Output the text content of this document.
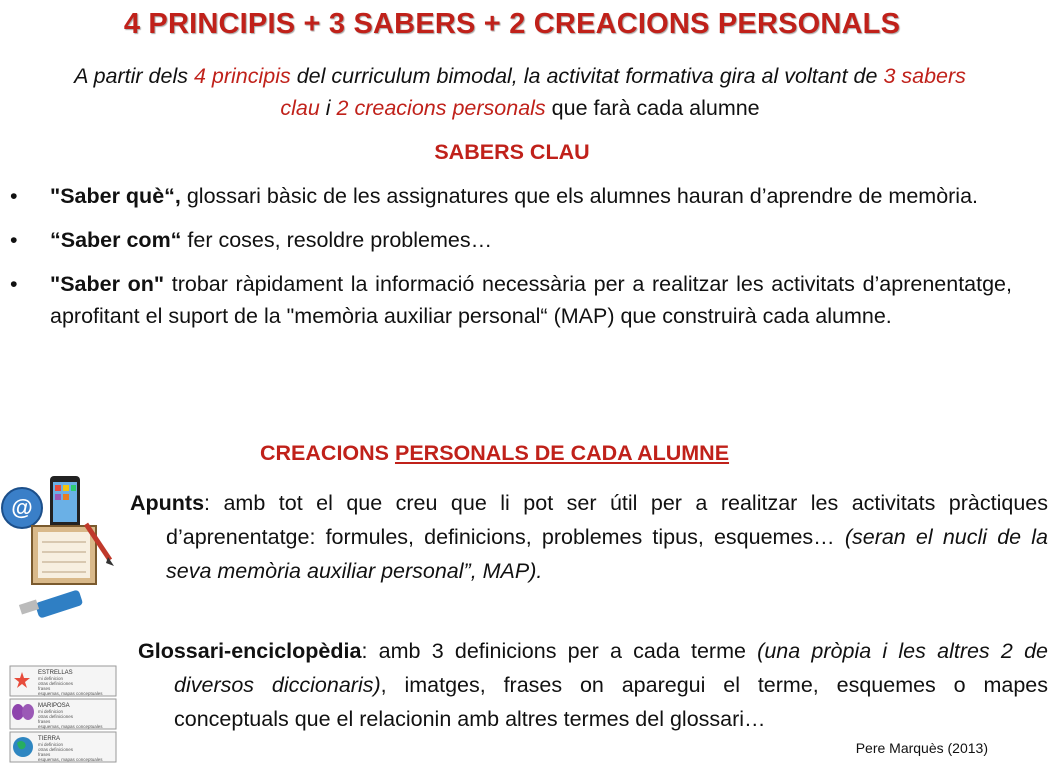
4 PRINCIPIS + 3 SABERS + 2 CREACIONS PERSONALS
A partir dels 4 principis del curriculum bimodal, la activitat formativa gira al voltant de 3 sabers clau i 2 creacions personals que farà cada alumne
SABERS CLAU
• "Saber què“, glossari bàsic de les assignatures que els alumnes hauran d’aprendre de memòria.
• “Saber com“ fer coses, resoldre problemes…
• "Saber on" trobar ràpidament la informació necessària per a realitzar les activitats d’aprenentatge, aprofitant el suport de la "memòria auxiliar personal“ (MAP) que construirà cada alumne.
CREACIONS PERSONALS DE CADA ALUMNE
@	Apunts: amb tot el que creu que li pot ser útil per a realitzar les activitats pràctiques d’aprenentatge: formules, definicions, problemes tipus, esquemes… (seran el nucli de la seva memòria auxiliar personal”, MAP).
ESTRELLAS
mi definicion
otras definiciones
frases
esquemas, mapas conceptuales
MARIPOSA
mi definicion
otras definiciones
frases
esquemas, mapas conceptuales
TIERRA
mi definicion
otras definiciones
frases
esquemas, mapas conceptuales
Glossari-enciclopèdia: amb 3 definicions per a cada terme (una pròpia i les altres 2 de diversos diccionaris), imatges, frases on aparegui el terme, esquemes o mapes conceptuals que el relacionin amb altres termes del glossari…
Pere Marquès (2013)
